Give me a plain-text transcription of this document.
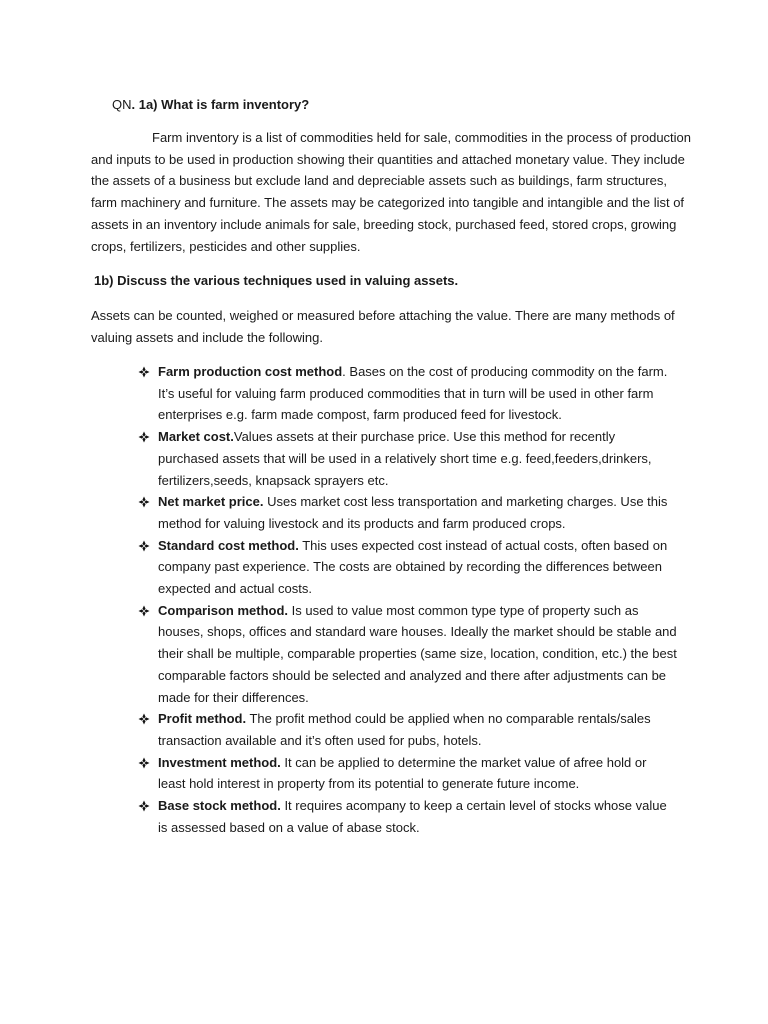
QN. 1a) What is farm inventory?
Farm inventory is a list of commodities held for sale, commodities in the process of production and inputs to be used in production showing their quantities and attached monetary value. They include the assets of a business but exclude land and depreciable assets such as buildings, farm structures, farm machinery and furniture. The assets may be categorized into tangible and intangible and the list of assets in an inventory include animals for sale, breeding stock, purchased feed, stored crops, growing crops, fertilizers, pesticides and other supplies.
1b) Discuss the various techniques used in valuing assets.
Assets can be counted, weighed or measured before attaching the value. There are many methods of valuing assets and include the following.
Farm production cost method. Bases on the cost of producing commodity on the farm. It’s useful for valuing farm produced commodities that in turn will be used in other farm enterprises e.g. farm made compost, farm produced feed for livestock.
Market cost.Values assets at their purchase price. Use this method for recently purchased assets that will be used in a relatively short time e.g. feed,feeders,drinkers, fertilizers,seeds, knapsack sprayers etc.
Net market price. Uses market cost less transportation and marketing charges. Use this method for valuing livestock and its products and farm produced crops.
Standard cost method. This uses expected cost instead of actual costs, often based on company past experience. The costs are obtained by recording the differences between expected and actual costs.
Comparison method. Is used to value most common type type of property such as houses, shops, offices and standard ware houses. Ideally the market should be stable and their shall be multiple, comparable properties (same size, location, condition, etc.) the best comparable factors should be selected and analyzed and there after adjustments can be made for their differences.
Profit method. The profit method could be applied when no comparable rentals/sales transaction available and it’s often used for pubs, hotels.
Investment method. It can be applied to determine the market value of afree hold or least hold interest in property from its potential to generate future income.
Base stock method. It requires acompany to keep a certain level of stocks whose value is assessed based on a value of abase stock.
